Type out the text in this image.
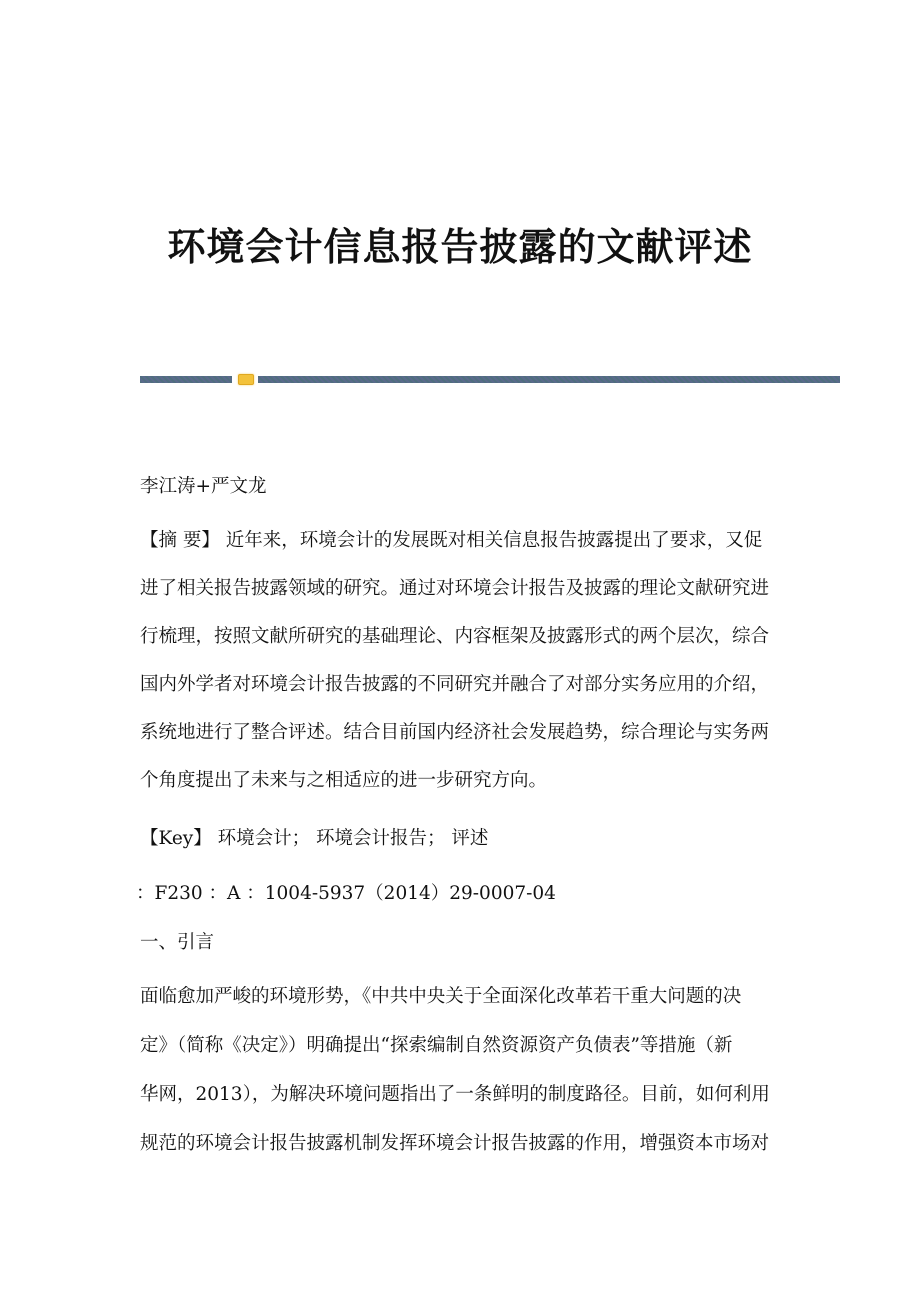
环境会计信息报告披露的文献评述
李江涛+严文龙
【摘 要】 近年来，环境会计的发展既对相关信息报告披露提出了要求，又促
进了相关报告披露领域的研究。通过对环境会计报告及披露的理论文献研究进
行梳理，按照文献所研究的基础理论、内容框架及披露形式的两个层次，综合
国内外学者对环境会计报告披露的不同研究并融合了对部分实务应用的介绍，
系统地进行了整合评述。结合目前国内经济社会发展趋势，综合理论与实务两
个角度提出了未来与之相适应的进一步研究方向。
【Key】 环境会计； 环境会计报告； 评述
：F230 ：A ：1004-5937（2014）29-0007-04
一、引言
面临愈加严峻的环境形势，《中共中央关于全面深化改革若干重大问题的决
定》（简称《决定》）明确提出“探索编制自然资源资产负债表”等措施（新
华网，2013），为解决环境问题指出了一条鲜明的制度路径。目前，如何利用
规范的环境会计报告披露机制发挥环境会计报告披露的作用，增强资本市场对
